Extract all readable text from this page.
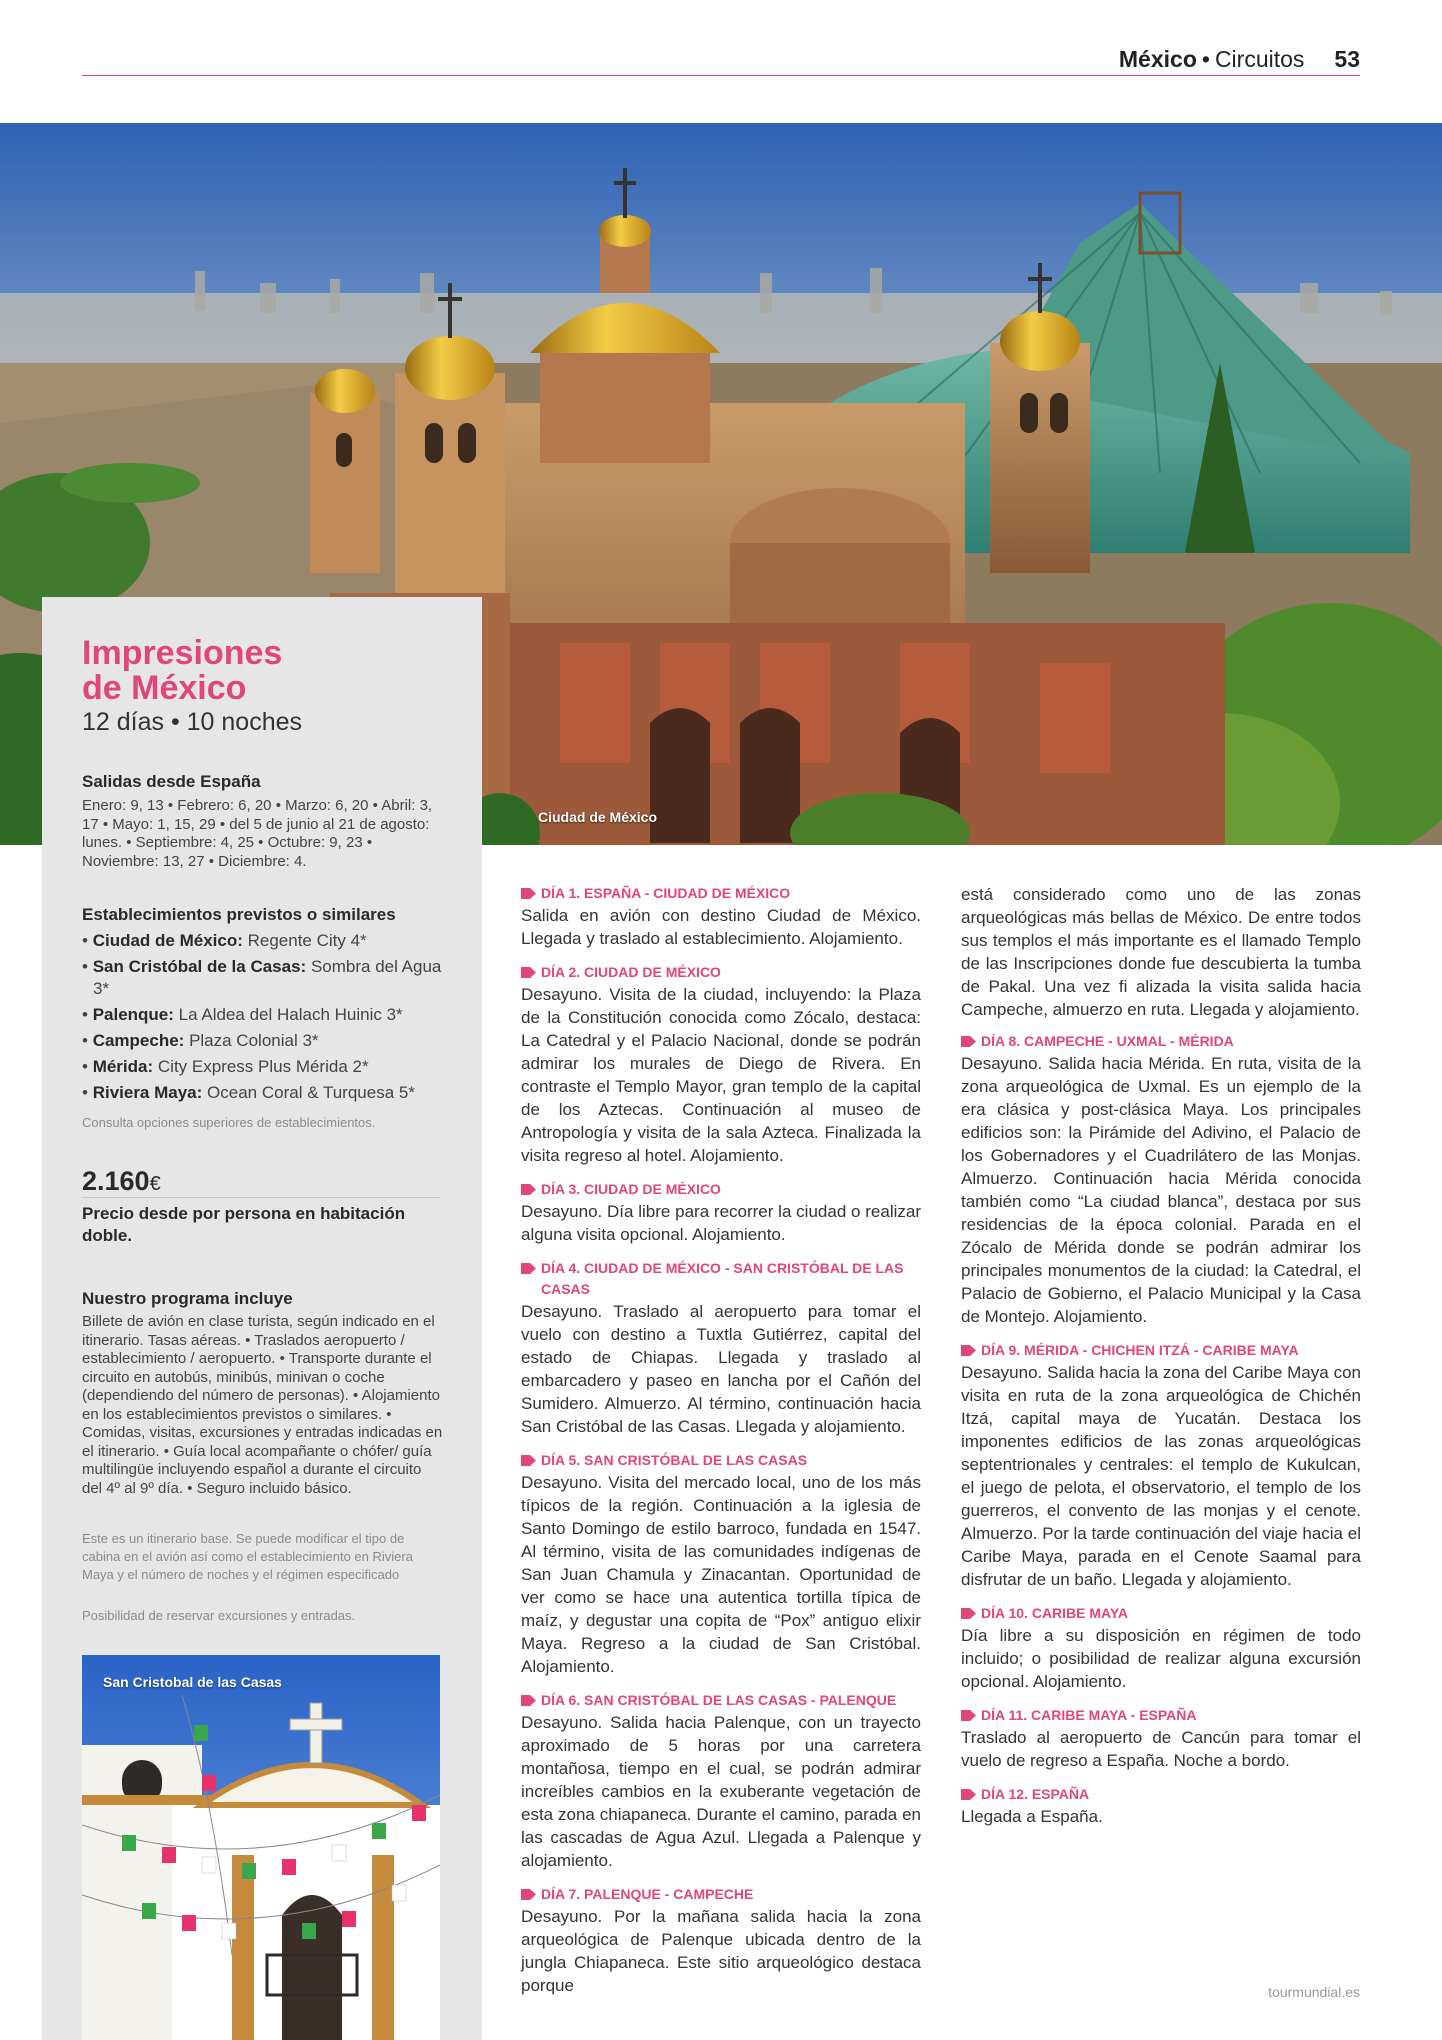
México • Circuitos 53
Ciudad de México
Impresiones
de México
12 días • 10 noches
Salidas desde España
Enero: 9, 13 • Febrero: 6, 20 • Marzo: 6, 20 • Abril: 3, 17 • Mayo: 1, 15, 29 • del 5 de junio al 21 de agosto: lunes. • Septiembre: 4, 25 • Octubre: 9, 23 • Noviembre: 13, 27 • Diciembre: 4.
Establecimientos previstos o similares
• Ciudad de México: Regente City 4*
• San Cristóbal de la Casas: Sombra del Agua 3*
• Palenque: La Aldea del Halach Huinic 3*
• Campeche: Plaza Colonial 3*
• Mérida: City Express Plus Mérida 2*
• Riviera Maya: Ocean Coral & Turquesa 5*
Consulta opciones superiores de establecimientos.
2.160€
Precio desde por persona en habitación doble.
Nuestro programa incluye
Billete de avión en clase turista, según indicado en el itinerario. Tasas aéreas. • Traslados aeropuerto / establecimiento / aeropuerto. • Transporte durante el circuito en autobús, minibús, minivan o coche (dependiendo del número de personas). • Alojamiento en los establecimientos previstos o similares. • Comidas, visitas, excursiones y entradas indicadas en el itinerario. • Guía local acompañante o chófer/ guía multilingüe incluyendo español a durante el circuito del 4º al 9º día. • Seguro incluido básico.
Este es un itinerario base. Se puede modificar el tipo de cabina en el avión así como el establecimiento en Riviera Maya y el número de noches y el régimen especificado
Posibilidad de reservar excursiones y entradas.
San Cristobal de las Casas
DÍA 1. ESPAÑA - CIUDAD DE MÉXICO
Salida en avión con destino Ciudad de México. Llegada y traslado al establecimiento. Alojamiento.
DÍA 2. CIUDAD DE MÉXICO
Desayuno. Visita de la ciudad, incluyendo: la Plaza de la Constitución conocida como Zócalo, destaca: La Catedral y el Palacio Nacional, donde se podrán admirar los murales de Diego de Rivera. En contraste el Templo Mayor, gran templo de la capital de los Aztecas. Continuación al museo de Antropología y visita de la sala Azteca. Finalizada la visita regreso al hotel. Alojamiento.
DÍA 3. CIUDAD DE MÉXICO
Desayuno. Día libre para recorrer la ciudad o realizar alguna visita opcional. Alojamiento.
DÍA 4. CIUDAD DE MÉXICO - SAN CRISTÓBAL DE LAS CASAS
Desayuno. Traslado al aeropuerto para tomar el vuelo con destino a Tuxtla Gutiérrez, capital del estado de Chiapas. Llegada y traslado al embarcadero y paseo en lancha por el Cañón del Sumidero. Almuerzo. Al término, continuación hacia San Cristóbal de las Casas. Llegada y alojamiento.
DÍA 5. SAN CRISTÓBAL DE LAS CASAS
Desayuno. Visita del mercado local, uno de los más típicos de la región. Continuación a la iglesia de Santo Domingo de estilo barroco, fundada en 1547. Al término, visita de las comunidades indígenas de San Juan Chamula y Zinacantan. Oportunidad de ver como se hace una autentica tortilla típica de maíz, y degustar una copita de “Pox” antiguo elixir Maya. Regreso a la ciudad de San Cristóbal. Alojamiento.
DÍA 6. SAN CRISTÓBAL DE LAS CASAS - PALENQUE
Desayuno. Salida hacia Palenque, con un trayecto aproximado de 5 horas por una carretera montañosa, tiempo en el cual, se podrán admirar increíbles cambios en la exuberante vegetación de esta zona chiapaneca. Durante el camino, parada en las cascadas de Agua Azul. Llegada a Palenque y alojamiento.
DÍA 7. PALENQUE - CAMPECHE
Desayuno. Por la mañana salida hacia la zona arqueológica de Palenque ubicada dentro de la jungla Chiapaneca. Este sitio arqueológico destaca porque
está considerado como uno de las zonas arqueológicas más bellas de México. De entre todos sus templos el más importante es el llamado Templo de las Inscripciones donde fue descubierta la tumba de Pakal. Una vez fi alizada la visita salida hacia Campeche, almuerzo en ruta. Llegada y alojamiento.
DÍA 8. CAMPECHE - UXMAL - MÉRIDA
Desayuno. Salida hacia Mérida. En ruta, visita de la zona arqueológica de Uxmal. Es un ejemplo de la era clásica y post-clásica Maya. Los principales edificios son: la Pirámide del Adivino, el Palacio de los Gobernadores y el Cuadrilátero de las Monjas. Almuerzo. Continuación hacia Mérida conocida también como “La ciudad blanca”, destaca por sus residencias de la época colonial. Parada en el Zócalo de Mérida donde se podrán admirar los principales monumentos de la ciudad: la Catedral, el Palacio de Gobierno, el Palacio Municipal y la Casa de Montejo. Alojamiento.
DÍA 9. MÉRIDA - CHICHEN ITZÁ - CARIBE MAYA
Desayuno. Salida hacia la zona del Caribe Maya con visita en ruta de la zona arqueológica de Chichén Itzá, capital maya de Yucatán. Destaca los imponentes edificios de las zonas arqueológicas septentrionales y centrales: el templo de Kukulcan, el juego de pelota, el observatorio, el templo de los guerreros, el convento de las monjas y el cenote. Almuerzo. Por la tarde continuación del viaje hacia el Caribe Maya, parada en el Cenote Saamal para disfrutar de un baño. Llegada y alojamiento.
DÍA 10. CARIBE MAYA
Día libre a su disposición en régimen de todo incluido; o posibilidad de realizar alguna excursión opcional. Alojamiento.
DÍA 11. CARIBE MAYA - ESPAÑA
Traslado al aeropuerto de Cancún para tomar el vuelo de regreso a España. Noche a bordo.
DÍA 12. ESPAÑA
Llegada a España.
tourmundial.es
